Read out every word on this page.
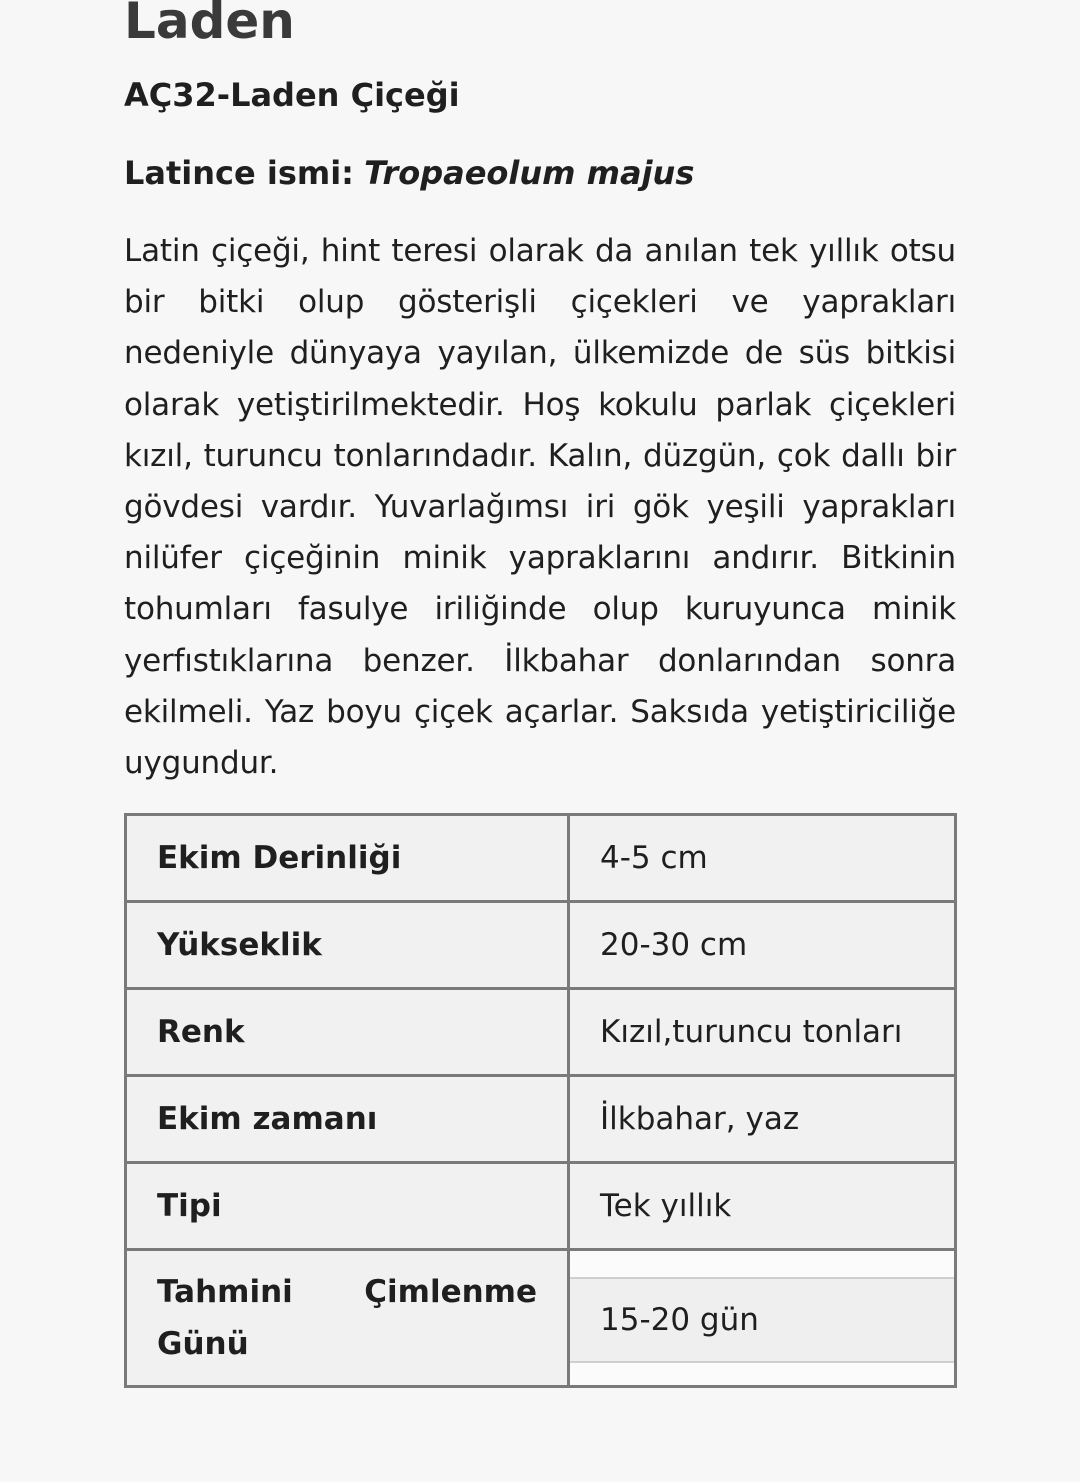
Laden
AÇ32-Laden Çiçeği

Latince ismi: Tropaeolum majus

Latin çiçeği, hint teresi olarak da anılan tek yıllık otsu bir bitki olup gösterişli çiçekleri ve yaprakları nedeniyle dünyaya yayılan, ülkemizde de süs bitkisi olarak yetiştirilmektedir. Hoş kokulu parlak çiçekleri kızıl, turuncu tonlarındadır. Kalın, düzgün, çok dallı bir gövdesi vardır. Yuvarlağımsı iri gök yeşili yaprakları nilüfer çiçeğinin minik yapraklarını andırır. Bitkinin tohumları fasulye iriliğinde olup kuruyunca minik yerfıstıklarına benzer. İlkbahar donlarından sonra ekilmeli. Yaz boyu çiçek açarlar. Saksıda yetiştiriciliğe uygundur.

Ekim Derinliği	4-5 cm
Yükseklik	20-30 cm
Renk	Kızıl,turuncu tonları
Ekim zamanı	İlkbahar, yaz
Tipi	Tek yıllık
Tahmini Çimlenme Günü	15-20 gün
